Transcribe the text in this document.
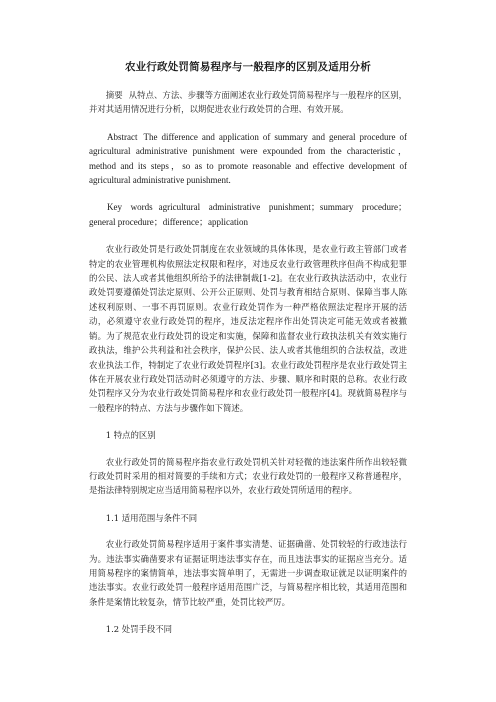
农业行政处罚简易程序与一般程序的区别及适用分析

摘要 从特点、方法、步骤等方面阐述农业行政处罚简易程序与一般程序的区别，并对其适用情况进行分析，以期促进农业行政处罚的合理、有效开展。

Abstract The difference and application of summary and general procedure of agricultural administrative punishment were expounded from the characteristic，method and its steps，so as to promote reasonable and effective development of agricultural administrative punishment.

Key words agricultural administrative punishment；summary procedure；general procedure；difference；application

农业行政处罚是行政处罚制度在农业领域的具体体现，是农业行政主管部门或者特定的农业管理机构依照法定权限和程序，对违反农业行政管理秩序但尚不构成犯罪的公民、法人或者其他组织所给予的法律制裁[1-2]。在农业行政执法活动中，农业行政处罚要遵循处罚法定原则、公开公正原则、处罚与教育相结合原则、保障当事人陈述权利原则、一事不再罚原则。农业行政处罚作为一种严格依照法定程序开展的活动，必须遵守农业行政处罚的程序，违反法定程序作出处罚决定可能无效或者被撤销。为了规范农业行政处罚的设定和实施，保障和监督农业行政执法机关有效实施行政执法，维护公共利益和社会秩序，保护公民、法人或者其他组织的合法权益，改进农业执法工作，特制定了农业行政处罚程序[3]。农业行政处罚程序是农业行政处罚主体在开展农业行政处罚活动时必须遵守的方法、步骤、顺序和时限的总称。农业行政处罚程序又分为农业行政处罚简易程序和农业行政处罚一般程序[4]。现就简易程序与一般程序的特点、方法与步骤作如下简述。

1 特点的区别

农业行政处罚的简易程序指农业行政处罚机关针对轻微的违法案件所作出较轻微行政处罚时采用的相对简要的手续和方式；农业行政处罚的一般程序又称普通程序，是指法律特别规定应当适用简易程序以外，农业行政处罚所适用的程序。

1.1 适用范围与条件不同

农业行政处罚简易程序适用于案件事实清楚、证据确凿、处罚较轻的行政违法行为。违法事实确凿要求有证据证明违法事实存在，而且违法事实的证据应当充分。适用简易程序的案情简单，违法事实简单明了，无需进一步调查取证就足以证明案件的违法事实。农业行政处罚一般程序适用范围广泛，与简易程序相比较，其适用范围和条件是案情比较复杂，情节比较严重，处罚比较严厉。

1.2 处罚手段不同
